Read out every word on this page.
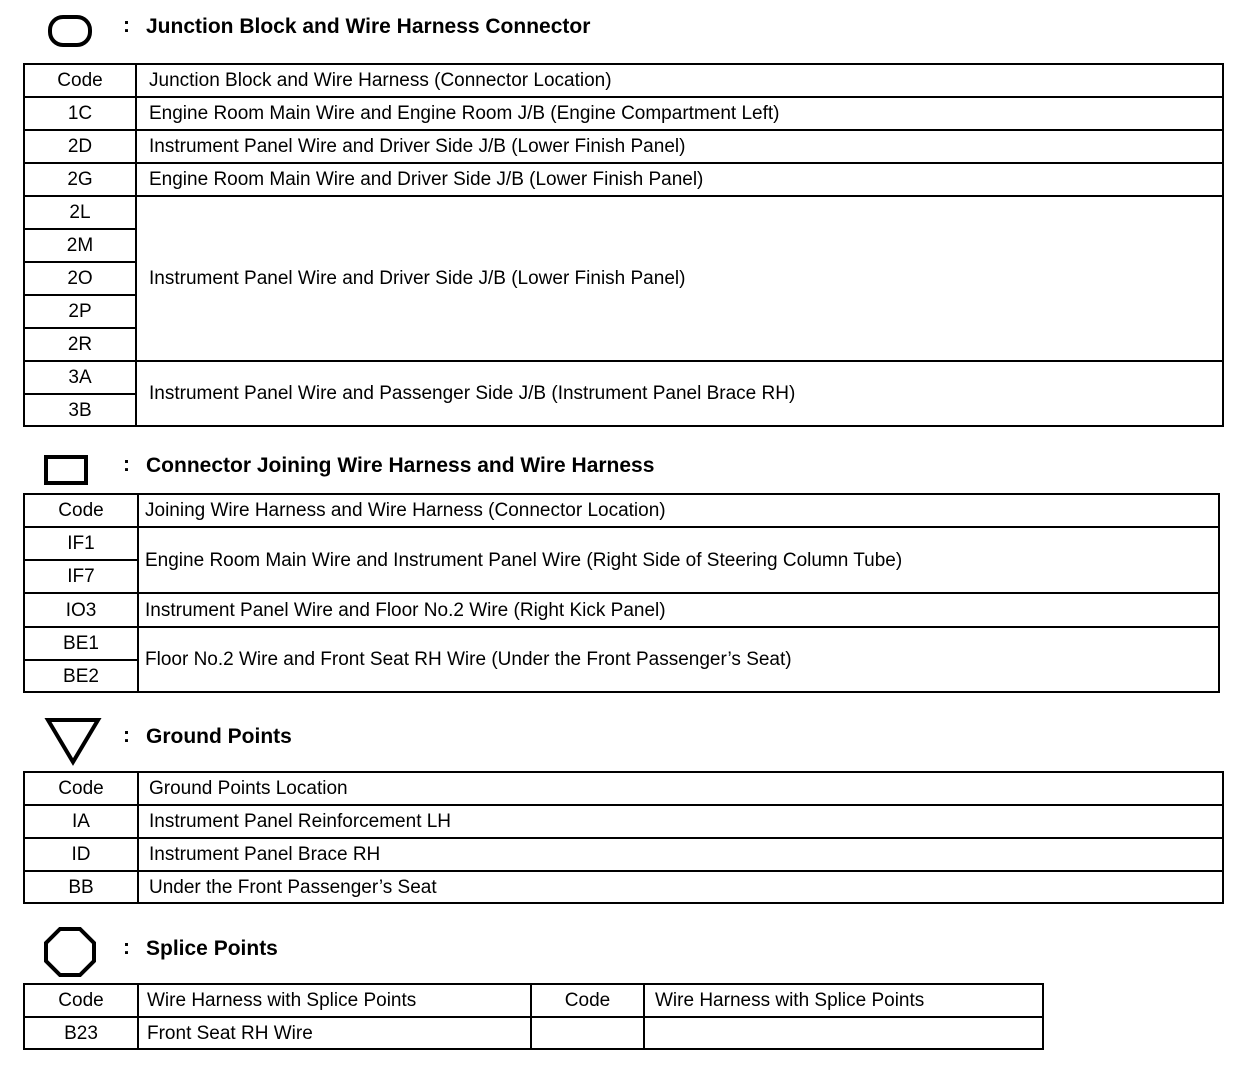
: Junction Block and Wire Harness Connector
Code	Junction Block and Wire Harness (Connector Location)
1C	Engine Room Main Wire and Engine Room J/B (Engine Compartment Left)
2D	Instrument Panel Wire and Driver Side J/B (Lower Finish Panel)
2G	Engine Room Main Wire and Driver Side J/B (Lower Finish Panel)
2L	Instrument Panel Wire and Driver Side J/B (Lower Finish Panel)
2M	
2O	
2P	
2R	
3A	Instrument Panel Wire and Passenger Side J/B (Instrument Panel Brace RH)
3B	
: Connector Joining Wire Harness and Wire Harness
Code	Joining Wire Harness and Wire Harness (Connector Location)
IF1	Engine Room Main Wire and Instrument Panel Wire (Right Side of Steering Column Tube)
IF7	
IO3	Instrument Panel Wire and Floor No.2 Wire (Right Kick Panel)
BE1	Floor No.2 Wire and Front Seat RH Wire (Under the Front Passenger’s Seat)
BE2	
: Ground Points
Code	Ground Points Location
IA	Instrument Panel Reinforcement LH
ID	Instrument Panel Brace RH
BB	Under the Front Passenger’s Seat
: Splice Points
Code	Wire Harness with Splice Points	Code	Wire Harness with Splice Points
B23	Front Seat RH Wire		
